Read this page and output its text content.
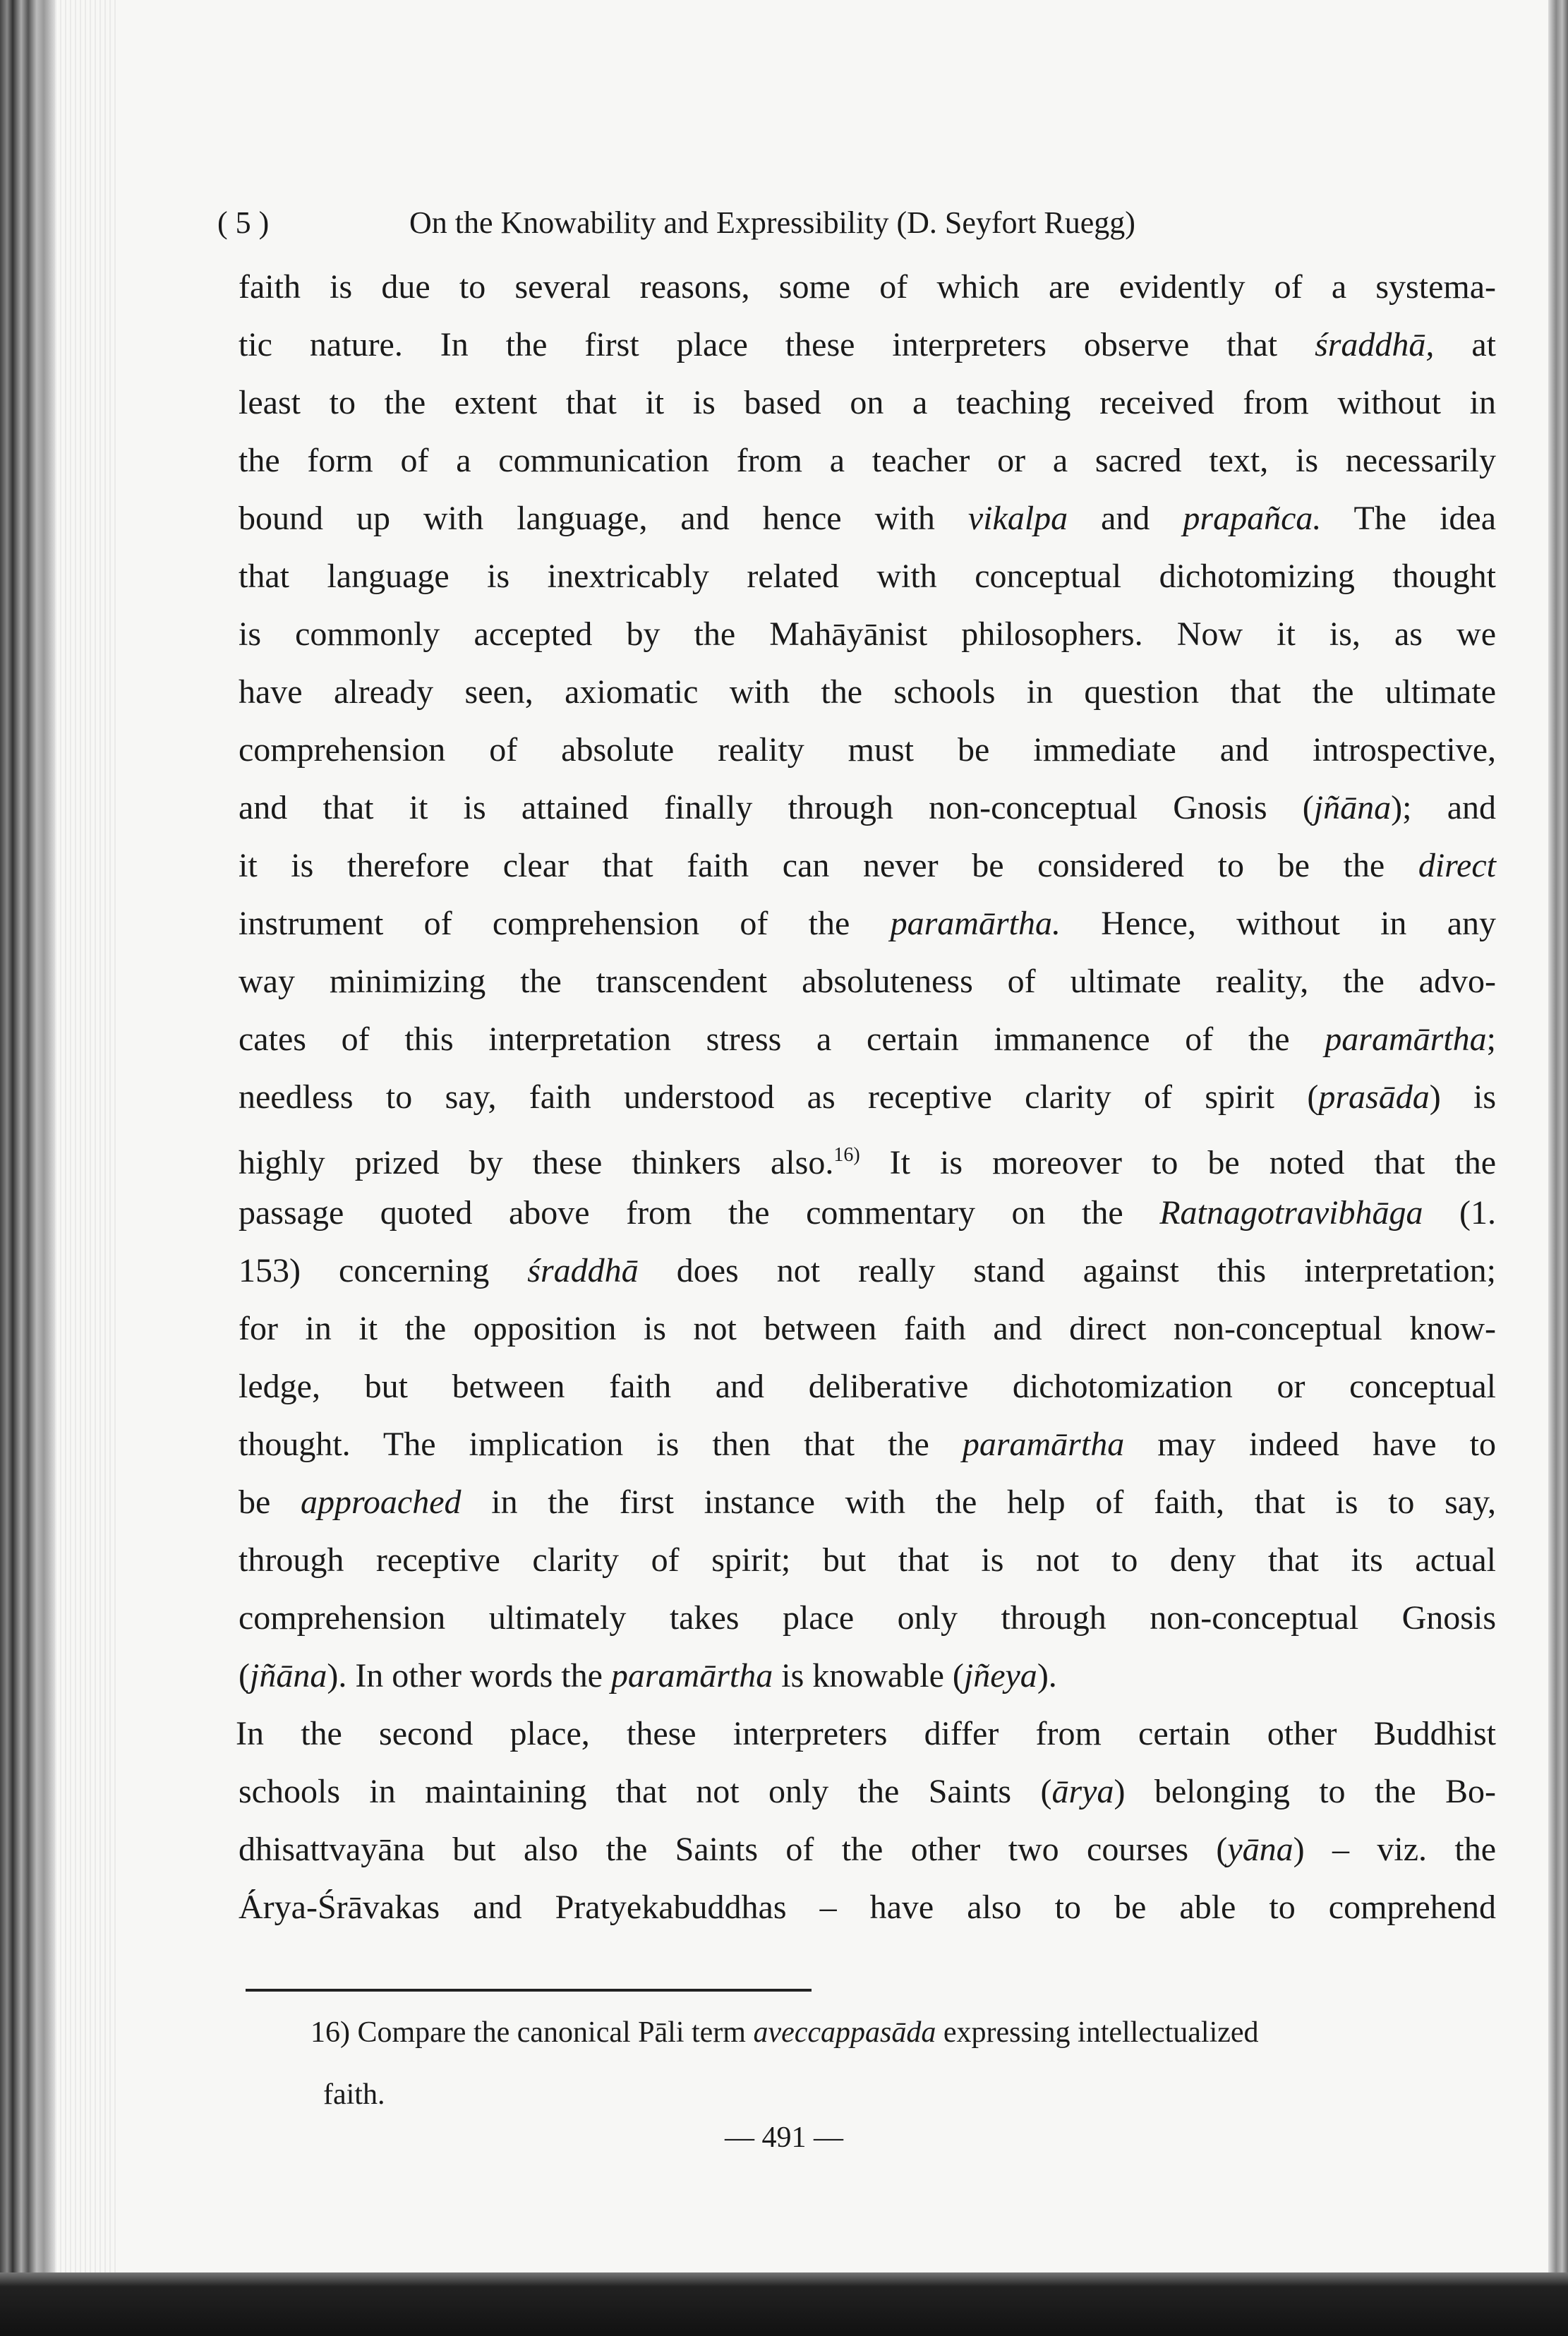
( 5 )	On the Knowability and Expressibility (D. Seyfort Ruegg)
faith is due to several reasons, some of which are evidently of a systema-
tic nature. In the first place these interpreters observe that śraddhā, at
least to the extent that it is based on a teaching received from without in
the form of a communication from a teacher or a sacred text, is necessarily
bound up with language, and hence with vikalpa and prapañca. The idea
that language is inextricably related with conceptual dichotomizing thought
is commonly accepted by the Mahāyānist philosophers. Now it is, as we
have already seen, axiomatic with the schools in question that the ultimate
comprehension of absolute reality must be immediate and introspective,
and that it is attained finally through non-conceptual Gnosis (jñāna); and
it is therefore clear that faith can never be considered to be the direct
instrument of comprehension of the paramārtha. Hence, without in any
way minimizing the transcendent absoluteness of ultimate reality, the advo-
cates of this interpretation stress a certain immanence of the paramārtha;
needless to say, faith understood as receptive clarity of spirit (prasāda) is
highly prized by these thinkers also.$^{16)}$ It is moreover to be noted that the
passage quoted above from the commentary on the Ratnagotravibhāga (1.
153) concerning śraddhā does not really stand against this interpretation;
for in it the opposition is not between faith and direct non-conceptual know-
ledge, but between faith and deliberative dichotomization or conceptual
thought. The implication is then that the paramārtha may indeed have to
be approached in the first instance with the help of faith, that is to say,
through receptive clarity of spirit; but that is not to deny that its actual
comprehension ultimately takes place only through non-conceptual Gnosis
(jñāna). In other words the paramārtha is knowable (jñeya).
In the second place, these interpreters differ from certain other Buddhist
schools in maintaining that not only the Saints (ārya) belonging to the Bo-
dhisattvayāna but also the Saints of the other two courses (yāna) – viz. the
Árya-Śrāvakas and Pratyekabuddhas – have also to be able to comprehend
16) Compare the canonical Pāli term aveccappasāda expressing intellectualized
faith.
— 491 —
